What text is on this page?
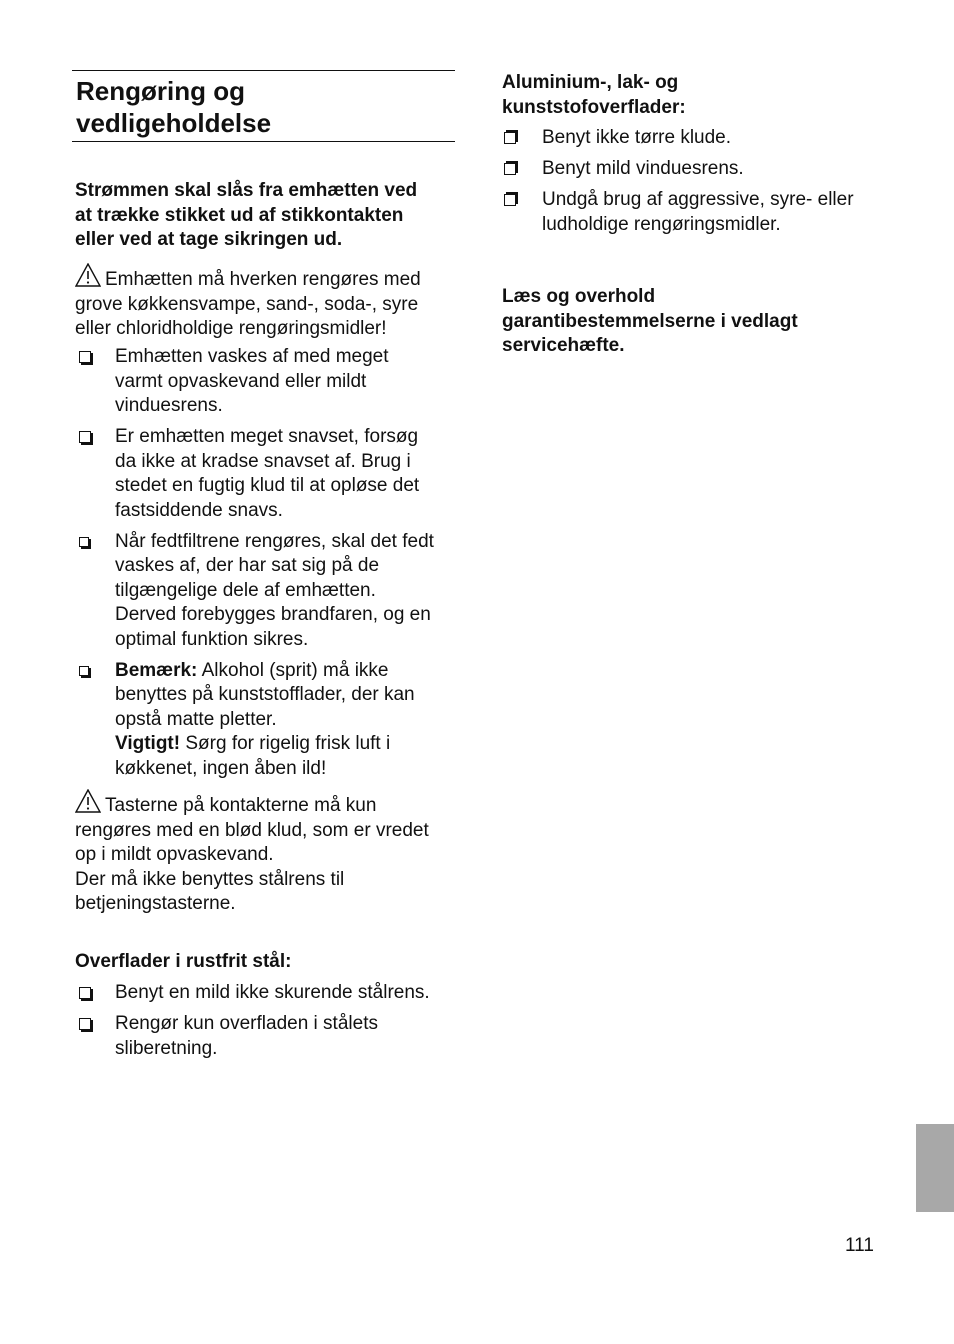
Rengøring og
vedligeholdelse
Strømmen skal slås fra emhætten ved
at trække stikket ud af stikkontakten
eller ved at tage sikringen ud.
Emhætten må hverken rengøres med
grove køkkensvampe, sand-, soda-, syre
eller chloridholdige rengøringsmidler!
Emhætten vaskes af med meget
varmt opvaskevand eller mildt
vinduesrens.
Er emhætten meget snavset, forsøg
da ikke at kradse snavset af. Brug i
stedet en fugtig klud til at opløse det
fastsiddende snavs.
Når fedtfiltrene rengøres, skal det fedt
vaskes af, der har sat sig på de
tilgængelige dele af emhætten.
Derved forebygges brandfaren, og en
optimal funktion sikres.
Bemærk: Alkohol (sprit) må ikke
benyttes på kunststofflader, der kan
opstå matte pletter.
Vigtigt! Sørg for rigelig frisk luft i
køkkenet, ingen åben ild!
Tasterne på kontakterne må kun
rengøres med en blød klud, som er vredet
op i mildt opvaskevand.
Der må ikke benyttes stålrens til
betjeningstasterne.
Overflader i rustfrit stål:
Benyt en mild ikke skurende stålrens.
Rengør kun overfladen i stålets
sliberetning.
Aluminium-, lak- og
kunststofoverflader:
Benyt ikke tørre klude.
Benyt mild vinduesrens.
Undgå brug af aggressive, syre- eller
ludholdige rengøringsmidler.
Læs og overhold
garantibestemmelserne i vedlagt
servicehæfte.
111
